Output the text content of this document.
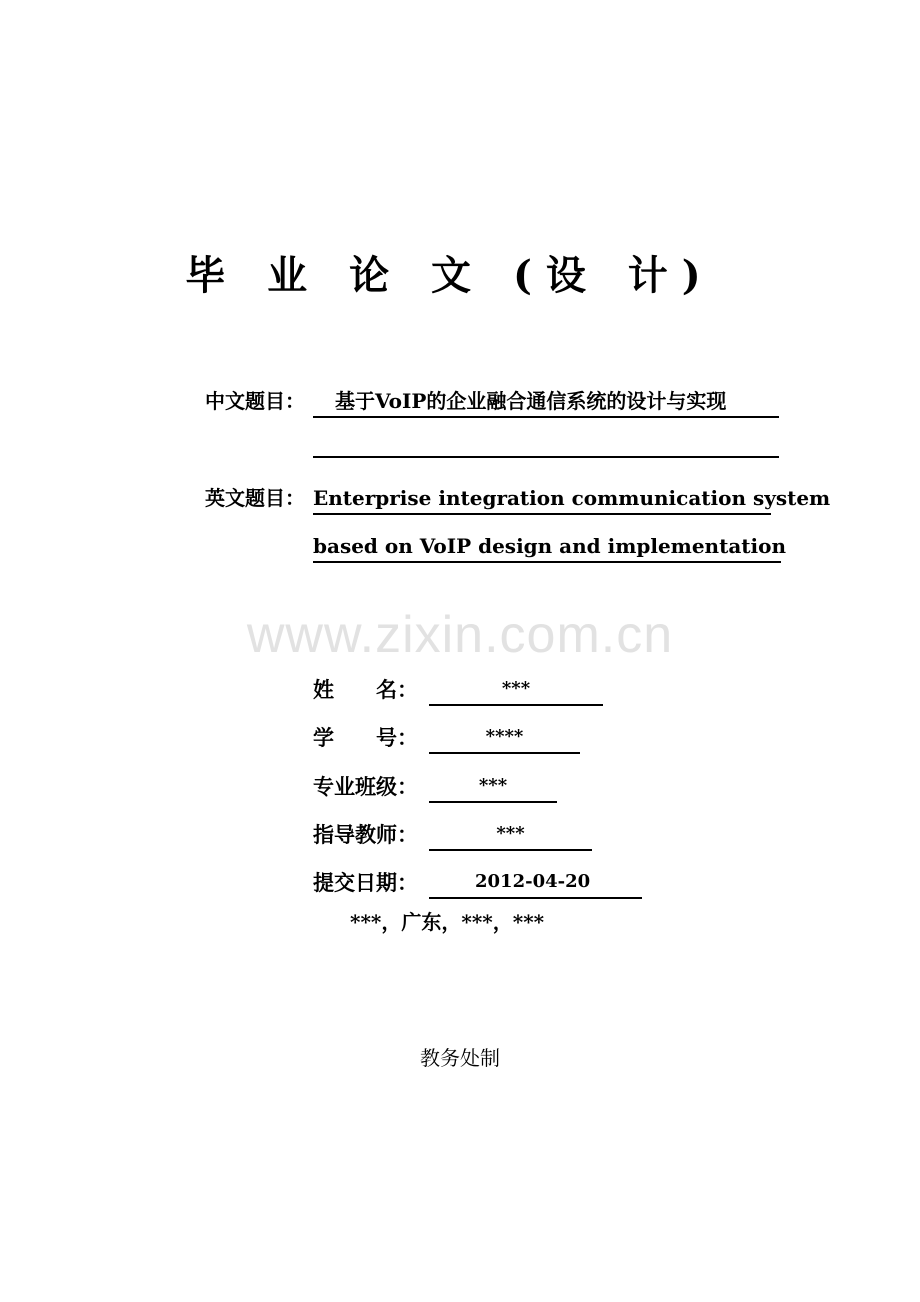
毕 业 论 文 (设 计)
中文题目：	基于VoIP的企业融合通信系统的设计与实现
英文题目： Enterprise integration communication system
based on VoIP design and implementation
www.zixin.com.cn
姓　　名：	***
学　　号：	****
专业班级：	***
指导教师：	***
提交日期：	2012-04-20
***，广东，***，***
教务处制
